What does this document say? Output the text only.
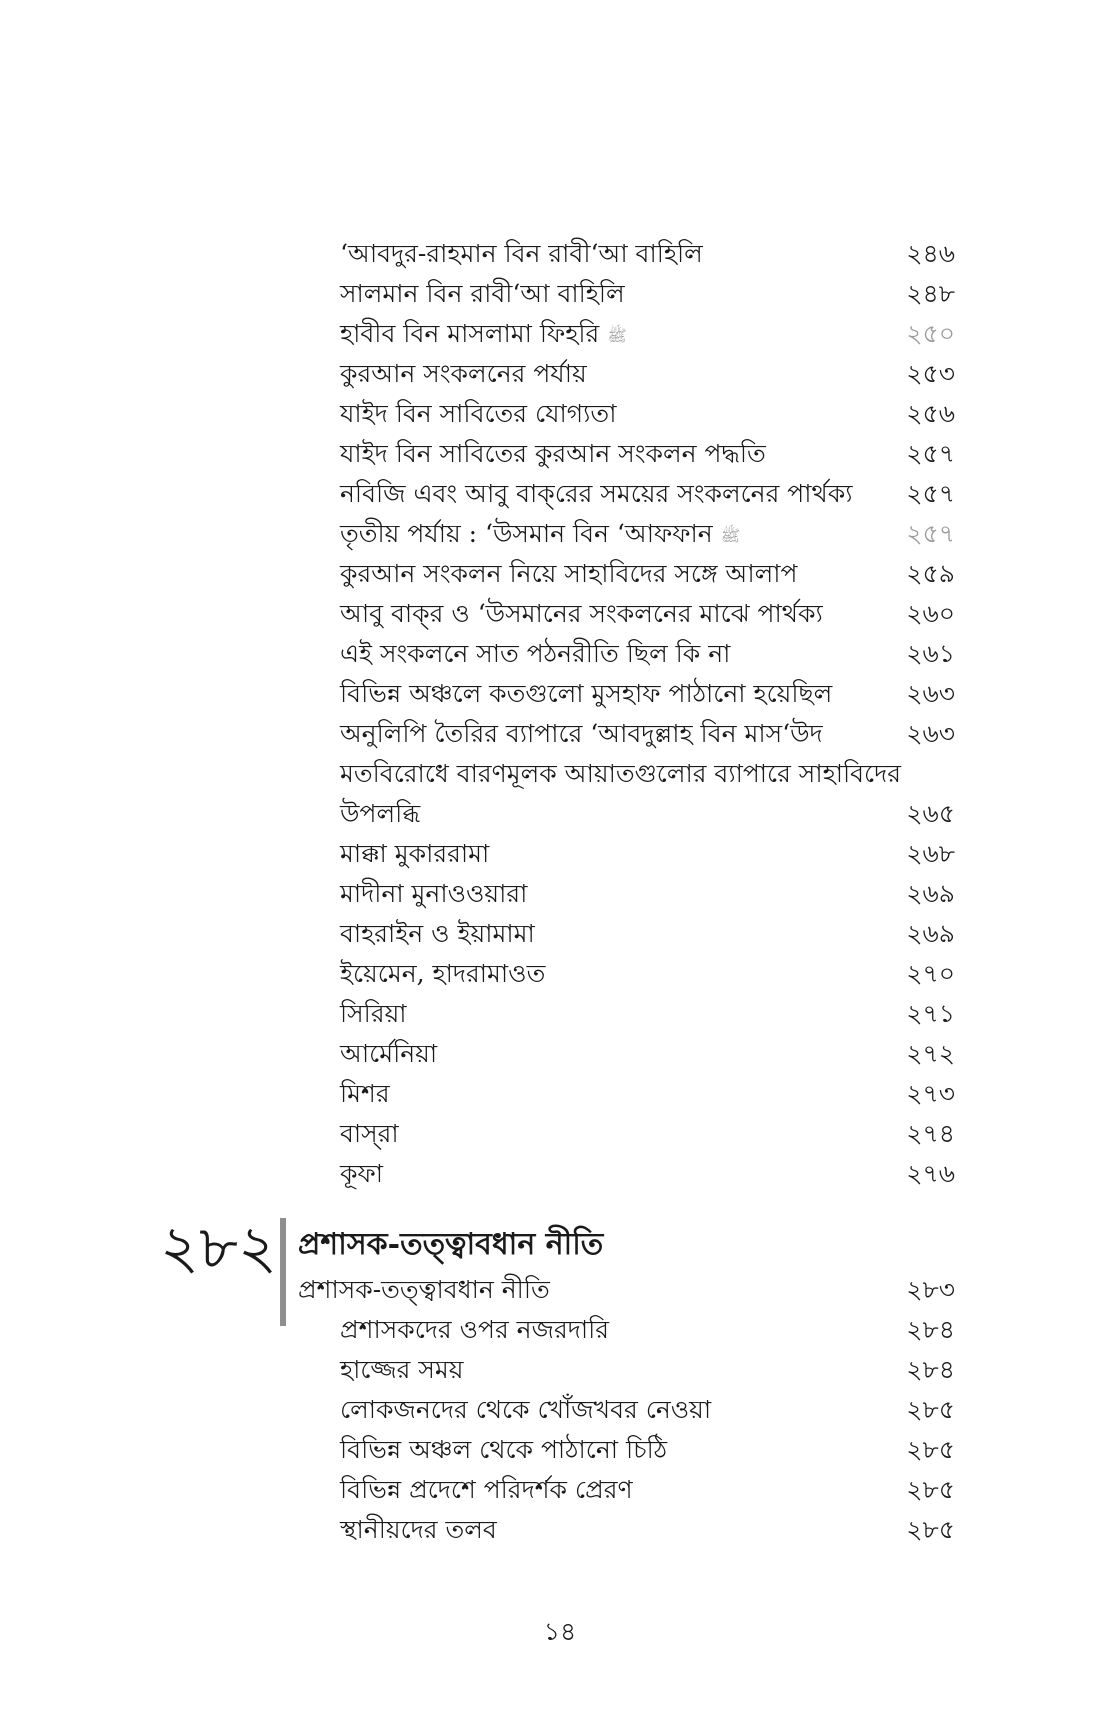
‘আবদুর-রাহমান বিন রাবী‘আ বাহিলি	২৪৬
সালমান বিন রাবী‘আ বাহিলি	২৪৮
হাবীব বিন মাসলামা ফিহরি ﷺ	২৫০
কুরআন সংকলনের পর্যায়	২৫৩
যাইদ বিন সাবিতের যোগ্যতা	২৫৬
যাইদ বিন সাবিতের কুরআন সংকলন পদ্ধতি	২৫৭
নবিজি এবং আবু বাক্‌রের সময়ের সংকলনের পার্থক্য ২৫৭
তৃতীয় পর্যায় : ‘উসমান বিন ‘আফফান ﷺ	২৫৭
কুরআন সংকলন নিয়ে সাহাবিদের সঙ্গে আলাপ	২৫৯
আবু বাক্‌র ও ‘উসমানের সংকলনের মাঝে পার্থক্য	২৬০
এই সংকলনে সাত পঠনরীতি ছিল কি না	২৬১
বিভিন্ন অঞ্চলে কতগুলো মুসহাফ পাঠানো হয়েছিল	২৬৩
অনুলিপি তৈরির ব্যাপারে ‘আবদুল্লাহ বিন মাস‘উদ	২৬৩
মতবিরোধে বারণমূলক আয়াতগুলোর ব্যাপারে সাহাবিদের
উপলব্ধি	২৬৫
মাক্কা মুকাররামা	২৬৮
মাদীনা মুনাওওয়ারা	২৬৯
বাহরাইন ও ইয়ামামা	২৬৯
ইয়েমেন, হাদরামাওত	২৭০
সিরিয়া	২৭১
আর্মেনিয়া	২৭২
মিশর	২৭৩
বাস্‌রা	২৭৪
কূফা	২৭৬
২৮২ প্রশাসক-তত্ত্বাবধান নীতি
প্রশাসক-তত্ত্বাবধান নীতি	২৮৩
প্রশাসকদের ওপর নজরদারি	২৮৪
হাজ্জের সময়	২৮৪
লোকজনদের থেকে খোঁজখবর নেওয়া	২৮৫
বিভিন্ন অঞ্চল থেকে পাঠানো চিঠি	২৮৫
বিভিন্ন প্রদেশে পরিদর্শক প্রেরণ	২৮৫
স্থানীয়দের তলব	২৮৫
১৪
